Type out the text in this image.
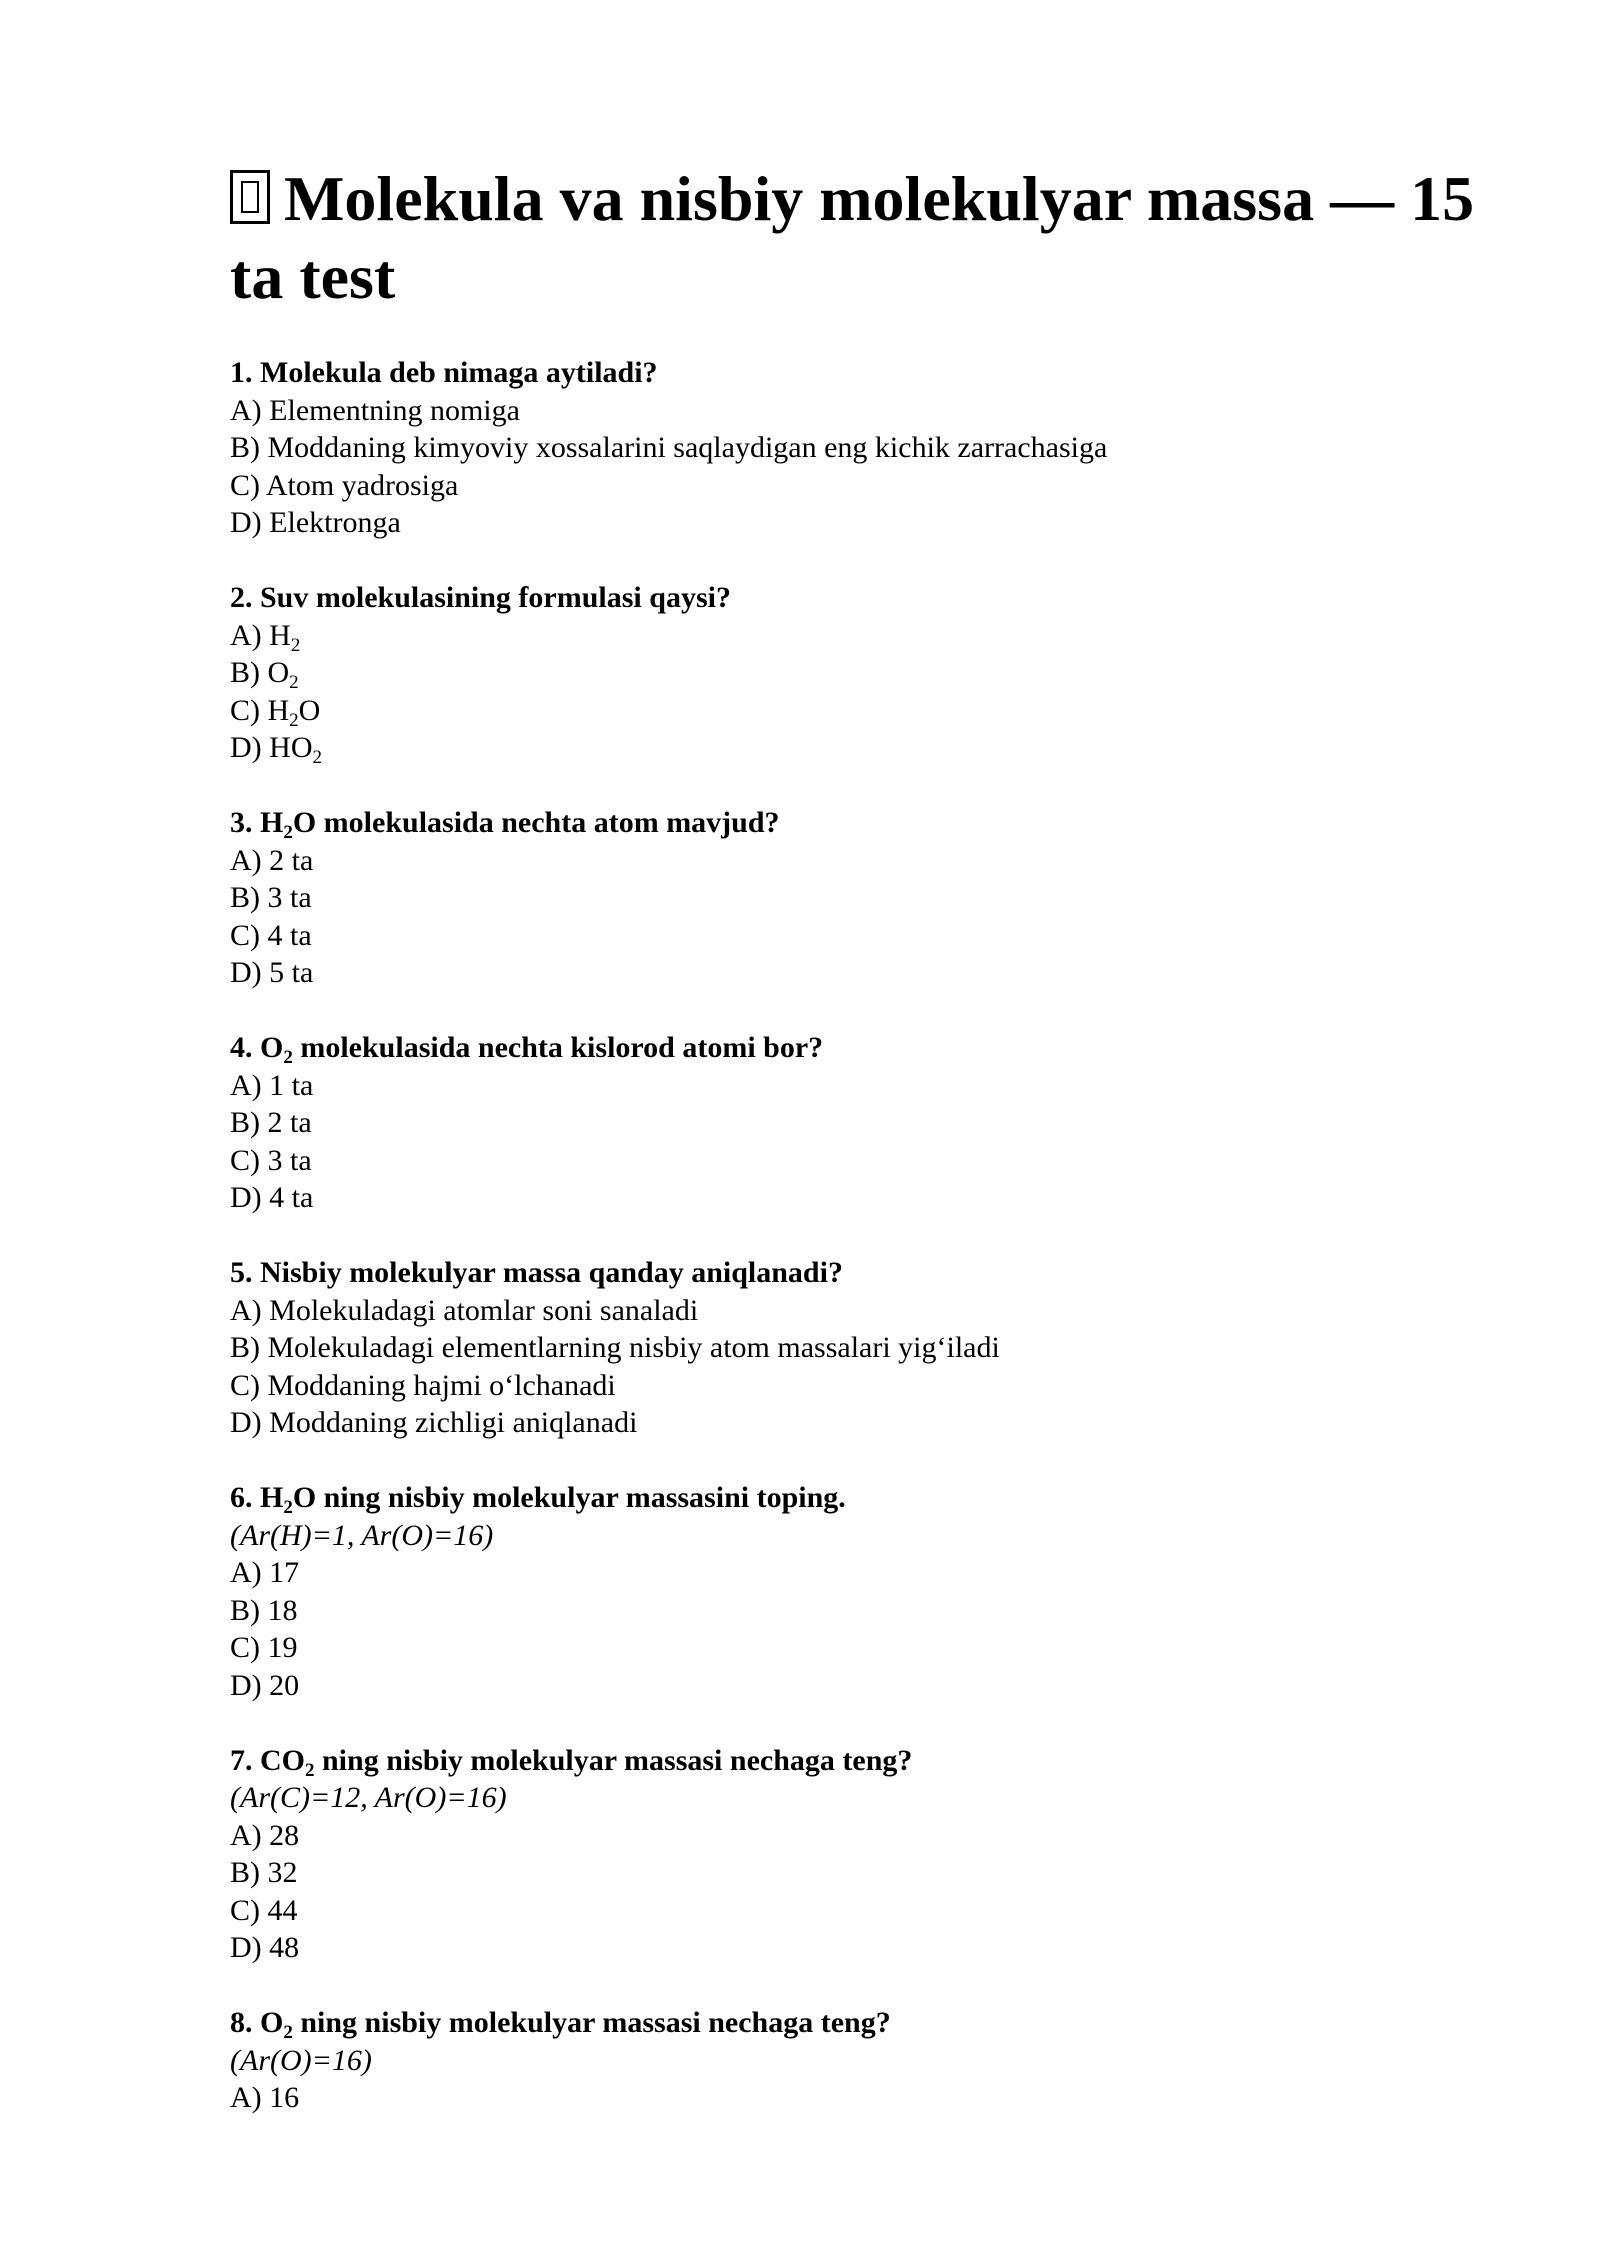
Molekula va nisbiy molekulyar massa — 15 ta test
1. Molekula deb nimaga aytiladi?
A) Elementning nomiga
B) Moddaning kimyoviy xossalarini saqlaydigan eng kichik zarrachasiga
C) Atom yadrosiga
D) Elektronga
2. Suv molekulasining formulasi qaysi?
A) $H_2$
B) $O_2$
C) $H_2O$
D) $HO_2$
3. $H_2O$ molekulasida nechta atom mavjud?
A) 2 ta
B) 3 ta
C) 4 ta
D) 5 ta
4. $O_2$ molekulasida nechta kislorod atomi bor?
A) 1 ta
B) 2 ta
C) 3 ta
D) 4 ta
5. Nisbiy molekulyar massa qanday aniqlanadi?
A) Molekuladagi atomlar soni sanaladi
B) Molekuladagi elementlarning nisbiy atom massalari yig‘iladi
C) Moddaning hajmi o‘lchanadi
D) Moddaning zichligi aniqlanadi
6. $H_2O$ ning nisbiy molekulyar massasini toping.
(Ar(H)=1, Ar(O)=16)
A) 17
B) 18
C) 19
D) 20
7. $CO_2$ ning nisbiy molekulyar massasi nechaga teng?
(Ar(C)=12, Ar(O)=16)
A) 28
B) 32
C) 44
D) 48
8. $O_2$ ning nisbiy molekulyar massasi nechaga teng?
(Ar(O)=16)
A) 16
